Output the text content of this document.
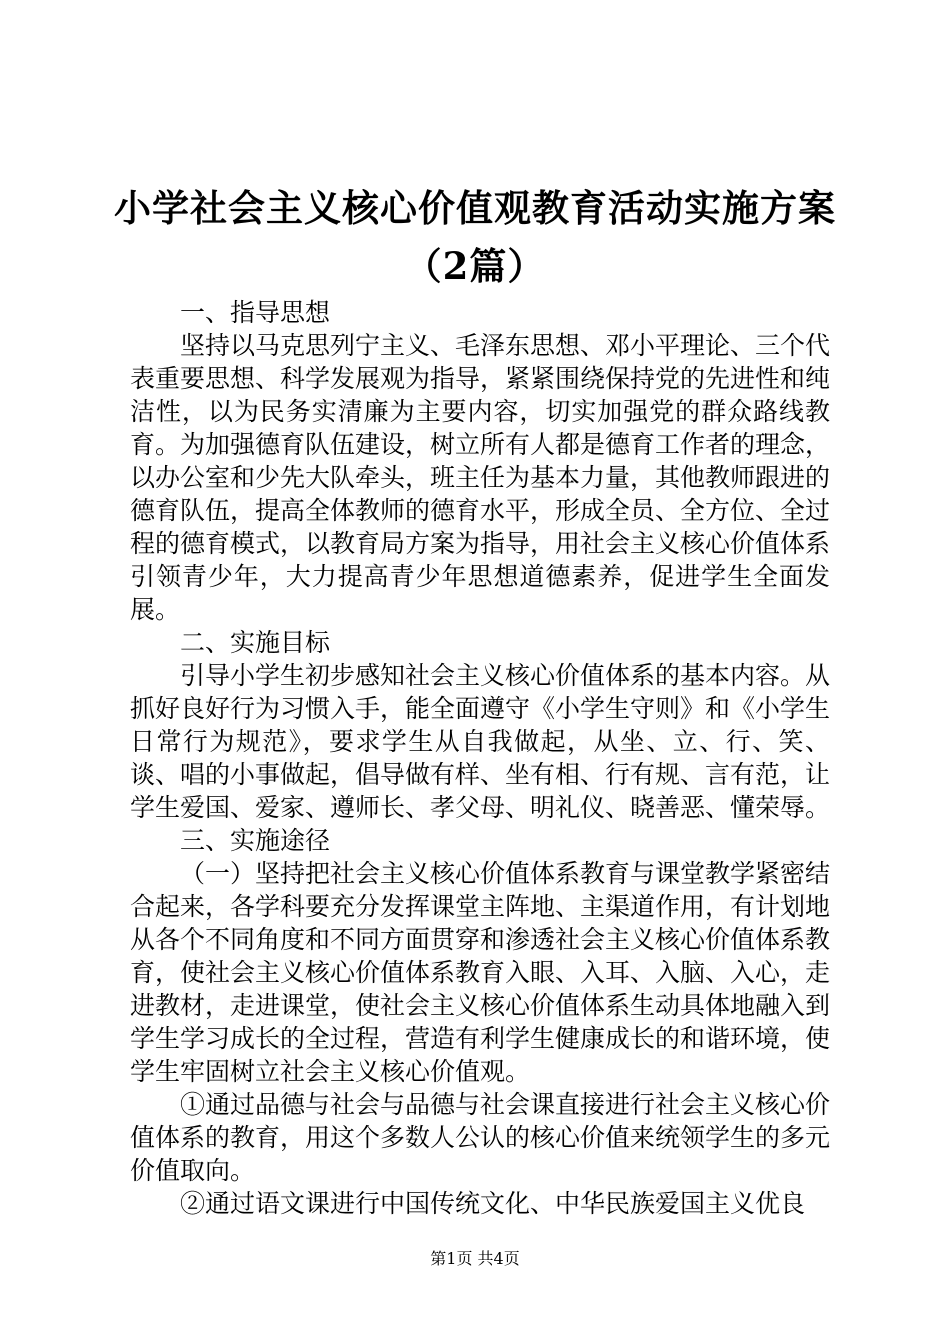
小学社会主义核心价值观教育活动实施方案
（2篇）

一、指导思想

坚持以马克思列宁主义、毛泽东思想、邓小平理论、三个代表重要思想、科学发展观为指导，紧紧围绕保持党的先进性和纯洁性，以为民务实清廉为主要内容，切实加强党的群众路线教育。为加强德育队伍建设，树立所有人都是德育工作者的理念，以办公室和少先大队牵头，班主任为基本力量，其他教师跟进的德育队伍，提高全体教师的德育水平，形成全员、全方位、全过程的德育模式，以教育局方案为指导，用社会主义核心价值体系引领青少年，大力提高青少年思想道德素养，促进学生全面发展。

二、实施目标

引导小学生初步感知社会主义核心价值体系的基本内容。从抓好良好行为习惯入手，能全面遵守《小学生守则》和《小学生日常行为规范》，要求学生从自我做起，从坐、立、行、笑、谈、唱的小事做起，倡导做有样、坐有相、行有规、言有范，让学生爱国、爱家、遵师长、孝父母、明礼仪、晓善恶、懂荣辱。

三、实施途径

（一）坚持把社会主义核心价值体系教育与课堂教学紧密结合起来，各学科要充分发挥课堂主阵地、主渠道作用，有计划地从各个不同角度和不同方面贯穿和渗透社会主义核心价值体系教育，使社会主义核心价值体系教育入眼、入耳、入脑、入心，走进教材，走进课堂，使社会主义核心价值体系生动具体地融入到学生学习成长的全过程，营造有利学生健康成长的和谐环境，使学生牢固树立社会主义核心价值观。

①通过品德与社会与品德与社会课直接进行社会主义核心价值体系的教育，用这个多数人公认的核心价值来统领学生的多元价值取向。

②通过语文课进行中国传统文化、中华民族爱国主义优良

第1页 共4页
